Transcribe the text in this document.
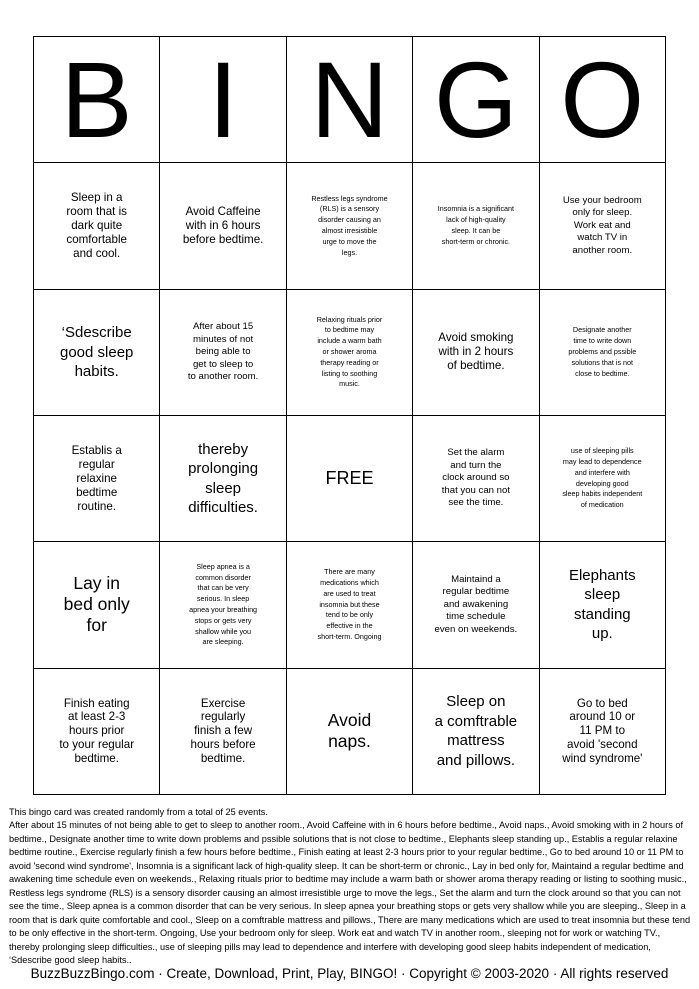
B I N G O
Sleep in a
room that is
dark quite
comfortable
and cool.
Avoid Caffeine
with in 6 hours
before bedtime.
Restless legs syndrome
(RLS) is a sensory
disorder causing an
almost irresistible
urge to move the
legs.
Insomnia is a significant
lack of high-quality
sleep. It can be
short-term or chronic.
Use your bedroom
only for sleep.
Work eat and
watch TV in
another room.
‘Sdescribe
good sleep
habits.
After about 15
minutes of not
being able to
get to sleep to
to another room.
Relaxing rituals prior
to bedtime may
include a warm bath
or shower aroma
therapy reading or
listing to soothing
music.
Avoid smoking
with in 2 hours
of bedtime.
Designate another
time to write down
problems and pssible
solutions that is not
close to bedtime.
Establis a
regular
relaxine
bedtime
routine.
thereby
prolonging
sleep
difficulties.
FREE
Set the alarm
and turn the
clock around so
that you can not
see the time.
use of sleeping pills
may lead to dependence
and interfere with
developing good
sleep habits independent
of medication
Lay in
bed only
for
Sleep apnea is a
common disorder
that can be very
serious. In sleep
apnea your breathing
stops or gets very
shallow while you
are sleeping.
There are many
medications which
are used to treat
insomnia but these
tend to be only
effective in the
short-term. Ongoing
Maintaind a
regular bedtime
and awakening
time schedule
even on weekends.
Elephants
sleep
standing
up.
Finish eating
at least 2-3
hours prior
to your regular
bedtime.
Exercise
regularly
finish a few
hours before
bedtime.
Avoid
naps.
Sleep on
a comftrable
mattress
and pillows.
Go to bed
around 10 or
11 PM to
avoid 'second
wind syndrome'
This bingo card was created randomly from a total of 25 events.
After about 15 minutes of not being able to get to sleep to another room., Avoid Caffeine with in 6 hours before bedtime., Avoid naps., Avoid smoking with in 2 hours of bedtime., Designate another time to write down problems and pssible solutions that is not close to bedtime., Elephants sleep standing up., Establis a regular relaxine bedtime routine., Exercise regularly finish a few hours before bedtime., Finish eating at least 2-3 hours prior to your regular bedtime., Go to bed around 10 or 11 PM to avoid 'second wind syndrome', Insomnia is a significant lack of high-quality sleep. It can be short-term or chronic., Lay in bed only for, Maintaind a regular bedtime and awakening time schedule even on weekends., Relaxing rituals prior to bedtime may include a warm bath or shower aroma therapy reading or listing to soothing music., Restless legs syndrome (RLS) is a sensory disorder causing an almost irresistible urge to move the legs., Set the alarm and turn the clock around so that you can not see the time., Sleep apnea is a common disorder that can be very serious. In sleep apnea your breathing stops or gets very shallow while you are sleeping., Sleep in a room that is dark quite comfortable and cool., Sleep on a comftrable mattress and pillows., There are many medications which are used to treat insomnia but these tend to be only effective in the short-term. Ongoing, Use your bedroom only for sleep. Work eat and watch TV in another room., sleeping not for work or watching TV., thereby prolonging sleep difficulties., use of sleeping pills may lead to dependence and interfere with developing good sleep habits independent of medication, ‘Sdescribe good sleep habits..
BuzzBuzzBingo.com · Create, Download, Print, Play, BINGO! · Copyright © 2003-2020 · All rights reserved
